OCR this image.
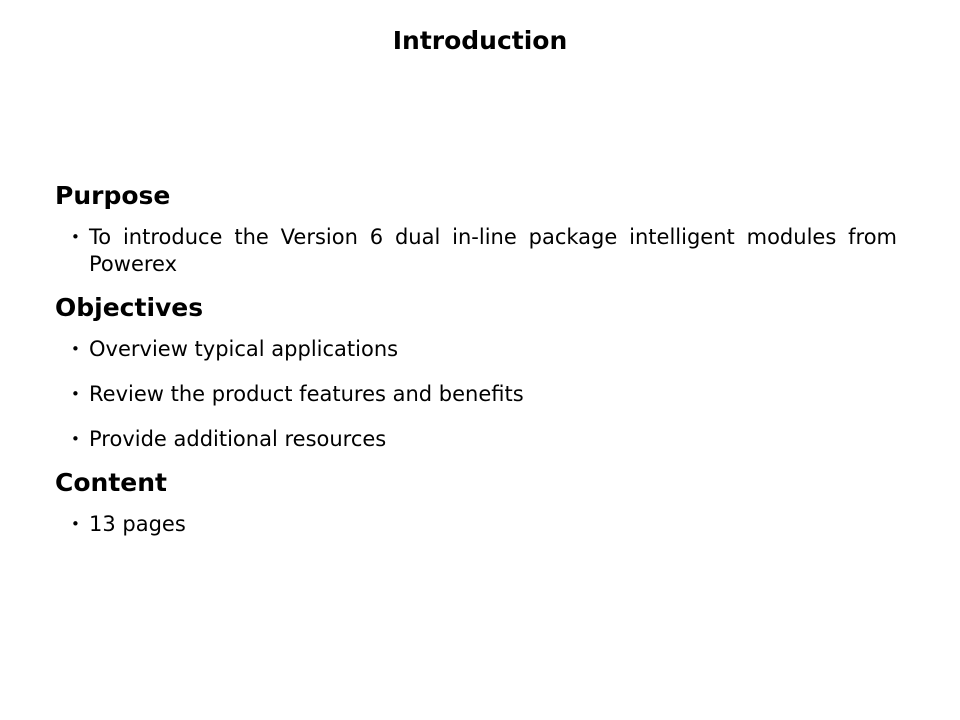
Introduction
Purpose
• To introduce the Version 6 dual in-line package intelligent modules from Powerex
Objectives
• Overview typical applications
• Review the product features and benefits
• Provide additional resources
Content
• 13 pages
